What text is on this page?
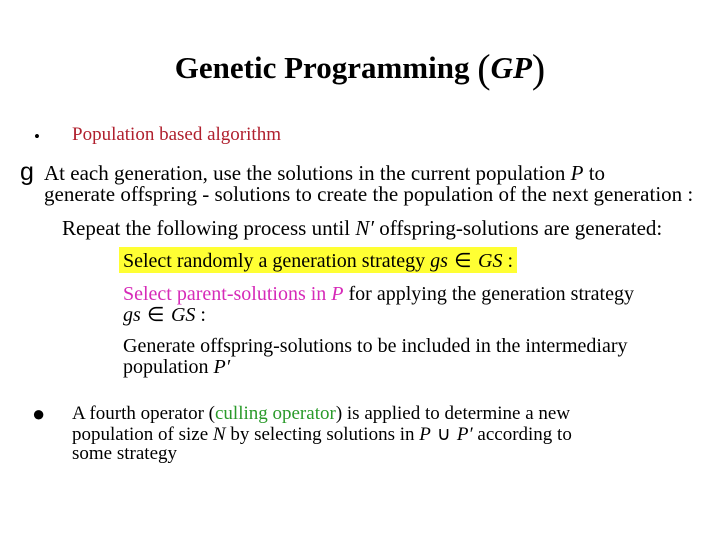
Genetic Programming (GP)
• Population based algorithm
g At each generation, use the solutions in the current population P to
generate offspring - solutions to create the population of the next generation :
Repeat the following process until N′ offspring-solutions are generated:
Select randomly a generation strategy gs ∈ GS :
Select parent-solutions in P for applying the generation strategy
gs ∈ GS :
Generate offspring-solutions to be included in the intermediary
population P′
● A fourth operator (culling operator) is applied to determine a new
population of size N by selecting solutions in P ∪ P′ according to
some strategy
